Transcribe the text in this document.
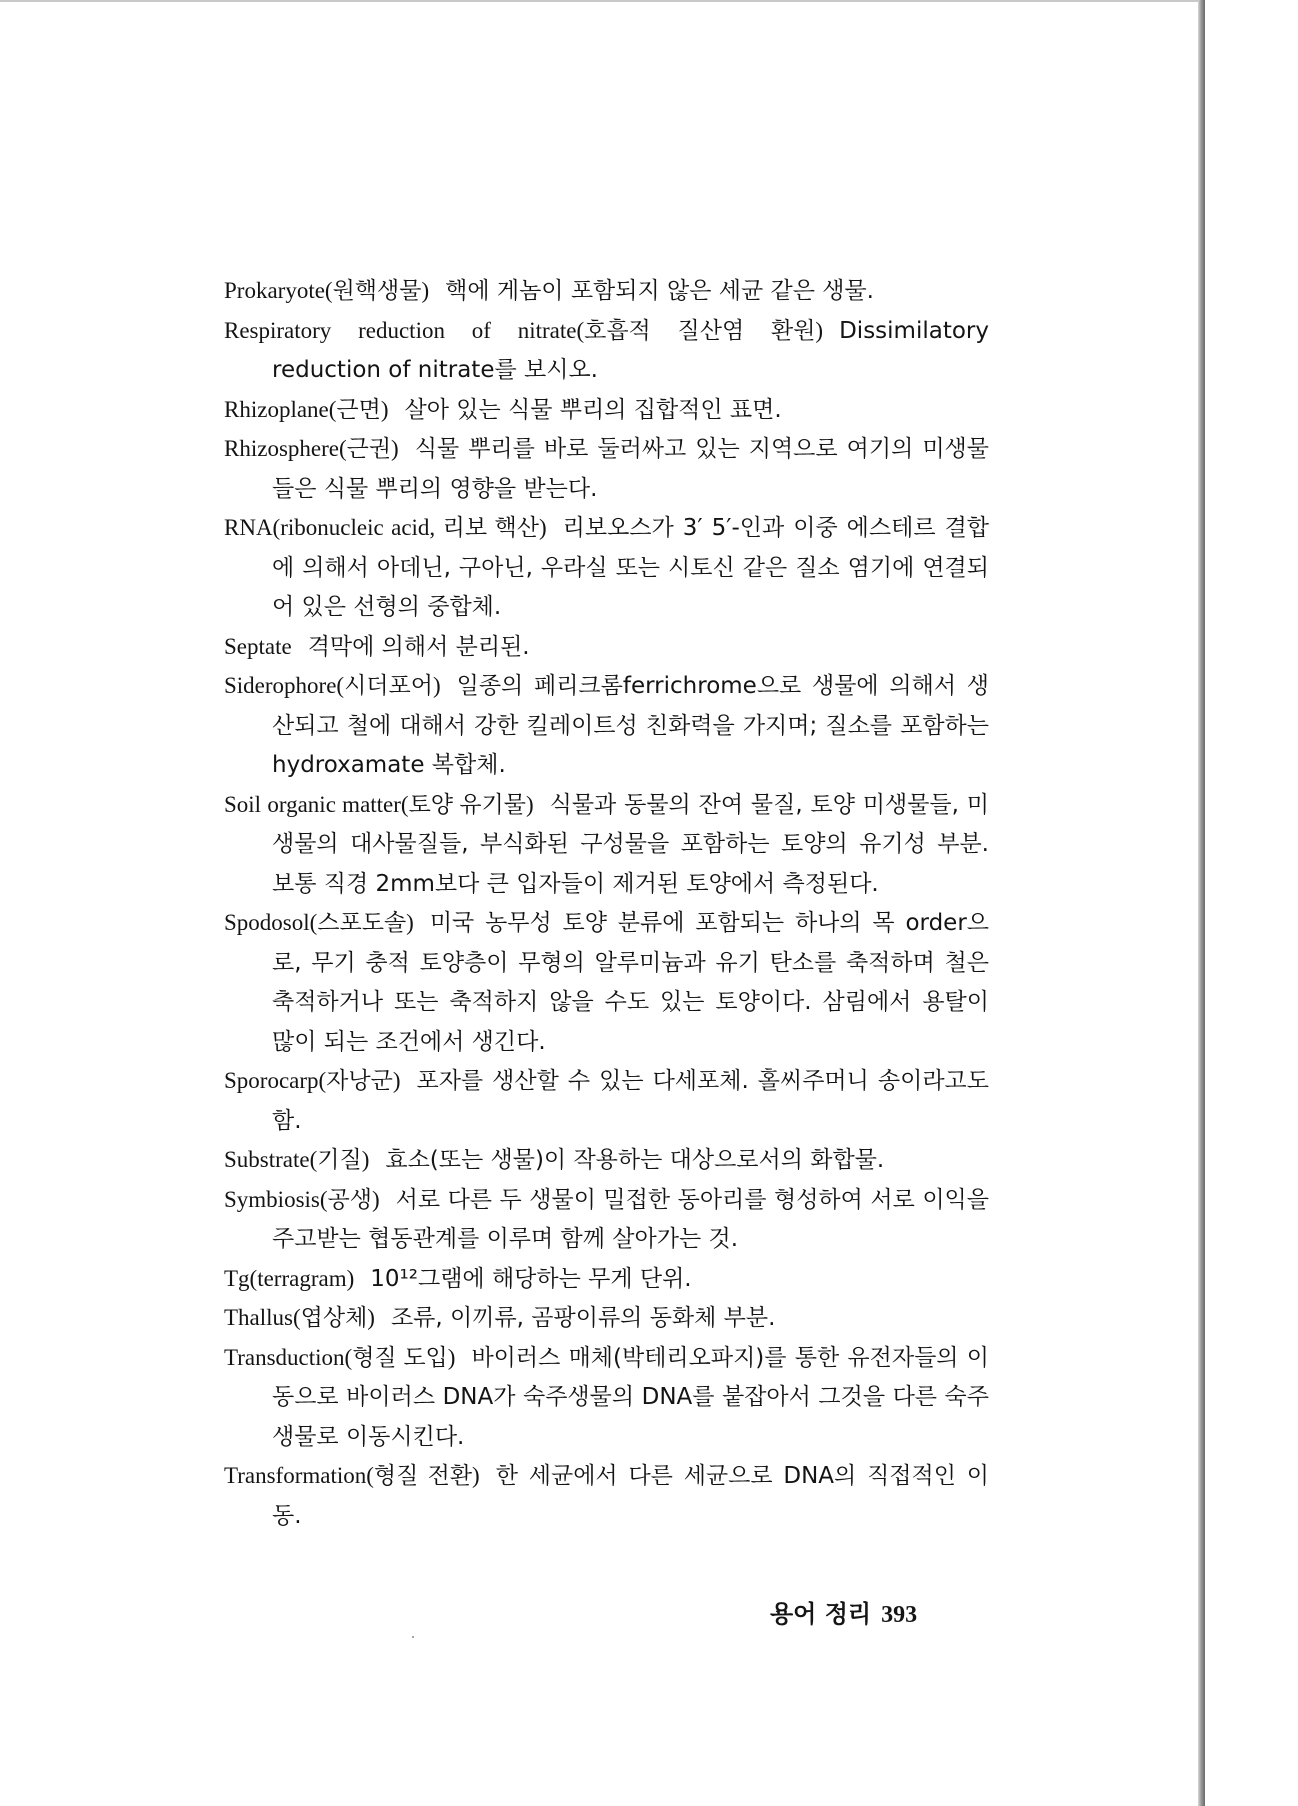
Prokaryote(원핵생물) 핵에 게놈이 포함되지 않은 세균 같은 생물.

Respiratory reduction of nitrate(호흡적 질산염 환원) Dissimilatory reduction of nitrate를 보시오.

Rhizoplane(근면) 살아 있는 식물 뿌리의 집합적인 표면.

Rhizosphere(근권) 식물 뿌리를 바로 둘러싸고 있는 지역으로 여기의 미생물들은 식물 뿌리의 영향을 받는다.

RNA(ribonucleic acid, 리보 핵산) 리보오스가 3′ 5′-인과 이중 에스테르 결합에 의해서 아데닌, 구아닌, 우라실 또는 시토신 같은 질소 염기에 연결되어 있은 선형의 중합체.

Septate 격막에 의해서 분리된.

Siderophore(시더포어) 일종의 페리크롬ferrichrome으로 생물에 의해서 생산되고 철에 대해서 강한 킬레이트성 친화력을 가지며; 질소를 포함하는 hydroxamate 복합체.

Soil organic matter(토양 유기물) 식물과 동물의 잔여 물질, 토양 미생물들, 미생물의 대사물질들, 부식화된 구성물을 포함하는 토양의 유기성 부분. 보통 직경 2mm보다 큰 입자들이 제거된 토양에서 측정된다.

Spodosol(스포도솔) 미국 농무성 토양 분류에 포함되는 하나의 목 order으로, 무기 충적 토양층이 무형의 알루미늄과 유기 탄소를 축적하며 철은 축적하거나 또는 축적하지 않을 수도 있는 토양이다. 삼림에서 용탈이 많이 되는 조건에서 생긴다.

Sporocarp(자낭군) 포자를 생산할 수 있는 다세포체. 홀씨주머니 송이라고도 함.

Substrate(기질) 효소(또는 생물)이 작용하는 대상으로서의 화합물.

Symbiosis(공생) 서로 다른 두 생물이 밀접한 동아리를 형성하여 서로 이익을 주고받는 협동관계를 이루며 함께 살아가는 것.

Tg(terragram) 10¹²그램에 해당하는 무게 단위.

Thallus(엽상체) 조류, 이끼류, 곰팡이류의 동화체 부분.

Transduction(형질 도입) 바이러스 매체(박테리오파지)를 통한 유전자들의 이동으로 바이러스 DNA가 숙주생물의 DNA를 붙잡아서 그것을 다른 숙주생물로 이동시킨다.

Transformation(형질 전환) 한 세균에서 다른 세균으로 DNA의 직접적인 이동.

용어 정리 393
